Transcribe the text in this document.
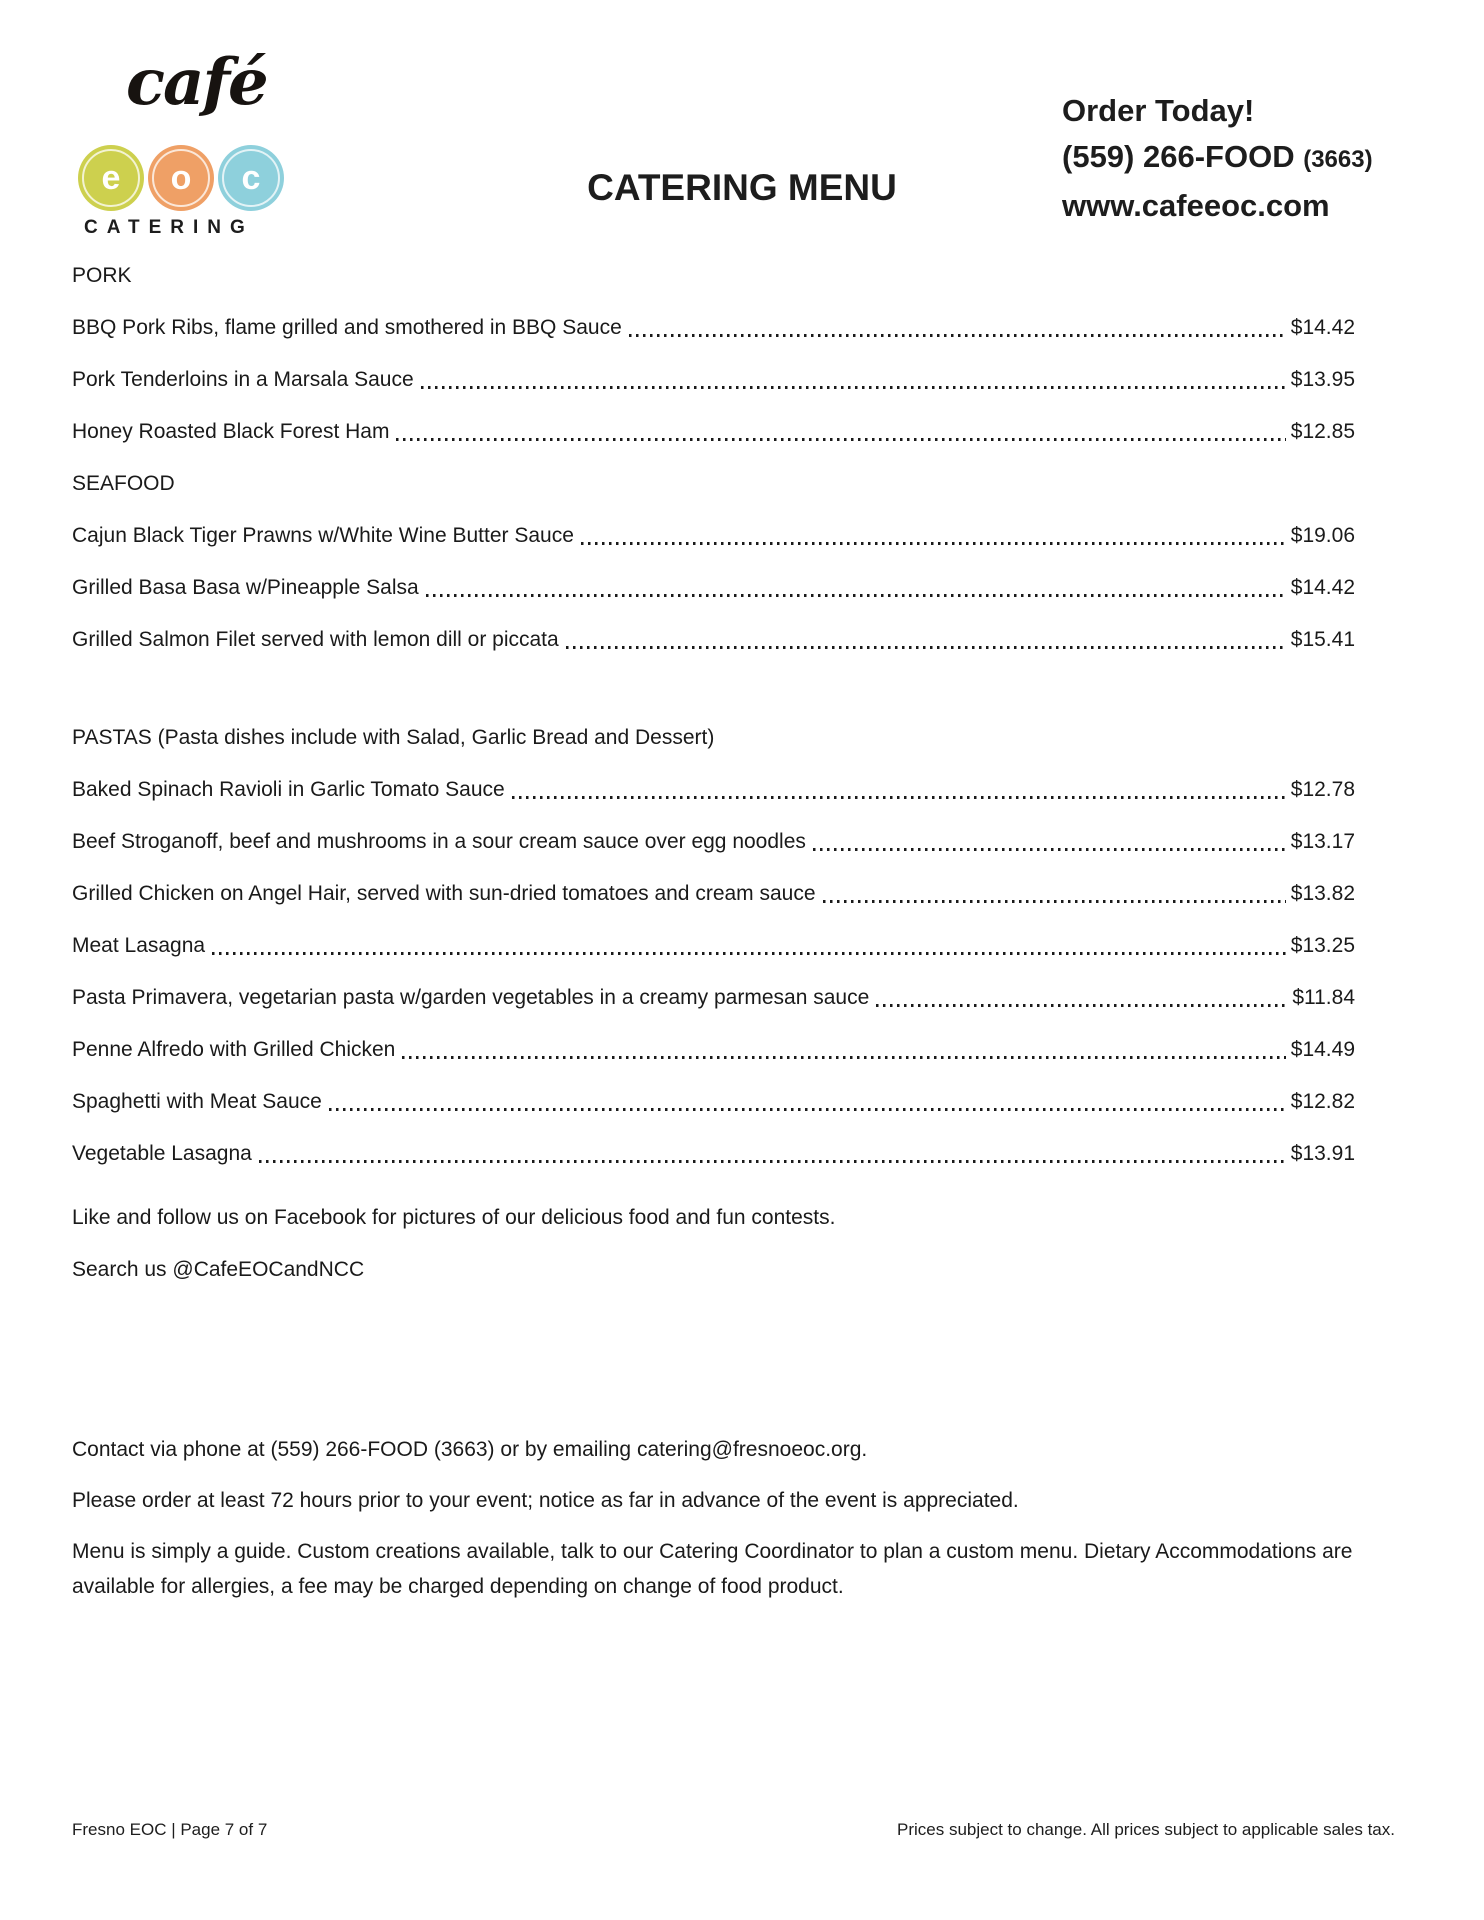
café
e	o	c
CATERING
CATERING MENU
Order Today!
(559) 266-FOOD (3663)
www.cafeeoc.com
PORK
BBQ Pork Ribs, flame grilled and smothered in BBQ Sauce	$14.42
Pork Tenderloins in a Marsala Sauce	$13.95
Honey Roasted Black Forest Ham	$12.85
SEAFOOD
Cajun Black Tiger Prawns w/White Wine Butter Sauce	$19.06
Grilled Basa Basa w/Pineapple Salsa	$14.42
Grilled Salmon Filet served with lemon dill or piccata	$15.41
PASTAS (Pasta dishes include with Salad, Garlic Bread and Dessert)
Baked Spinach Ravioli in Garlic Tomato Sauce	$12.78
Beef Stroganoff, beef and mushrooms in a sour cream sauce over egg noodles	$13.17
Grilled Chicken on Angel Hair, served with sun-dried tomatoes and cream sauce	$13.82
Meat Lasagna	$13.25
Pasta Primavera, vegetarian pasta w/garden vegetables in a creamy parmesan sauce	$11.84
Penne Alfredo with Grilled Chicken	$14.49
Spaghetti with Meat Sauce	$12.82
Vegetable Lasagna	$13.91

Like and follow us on Facebook for pictures of our delicious food and fun contests.

Search us @CafeEOCandNCC

Contact via phone at (559) 266-FOOD (3663) or by emailing catering@fresnoeoc.org.

Please order at least 72 hours prior to your event; notice as far in advance of the event is appreciated.

Menu is simply a guide. Custom creations available, talk to our Catering Coordinator to plan a custom menu. Dietary Accommodations are available for allergies, a fee may be charged depending on change of food product.

Fresno EOC | Page 7 of 7	Prices subject to change. All prices subject to applicable sales tax.
